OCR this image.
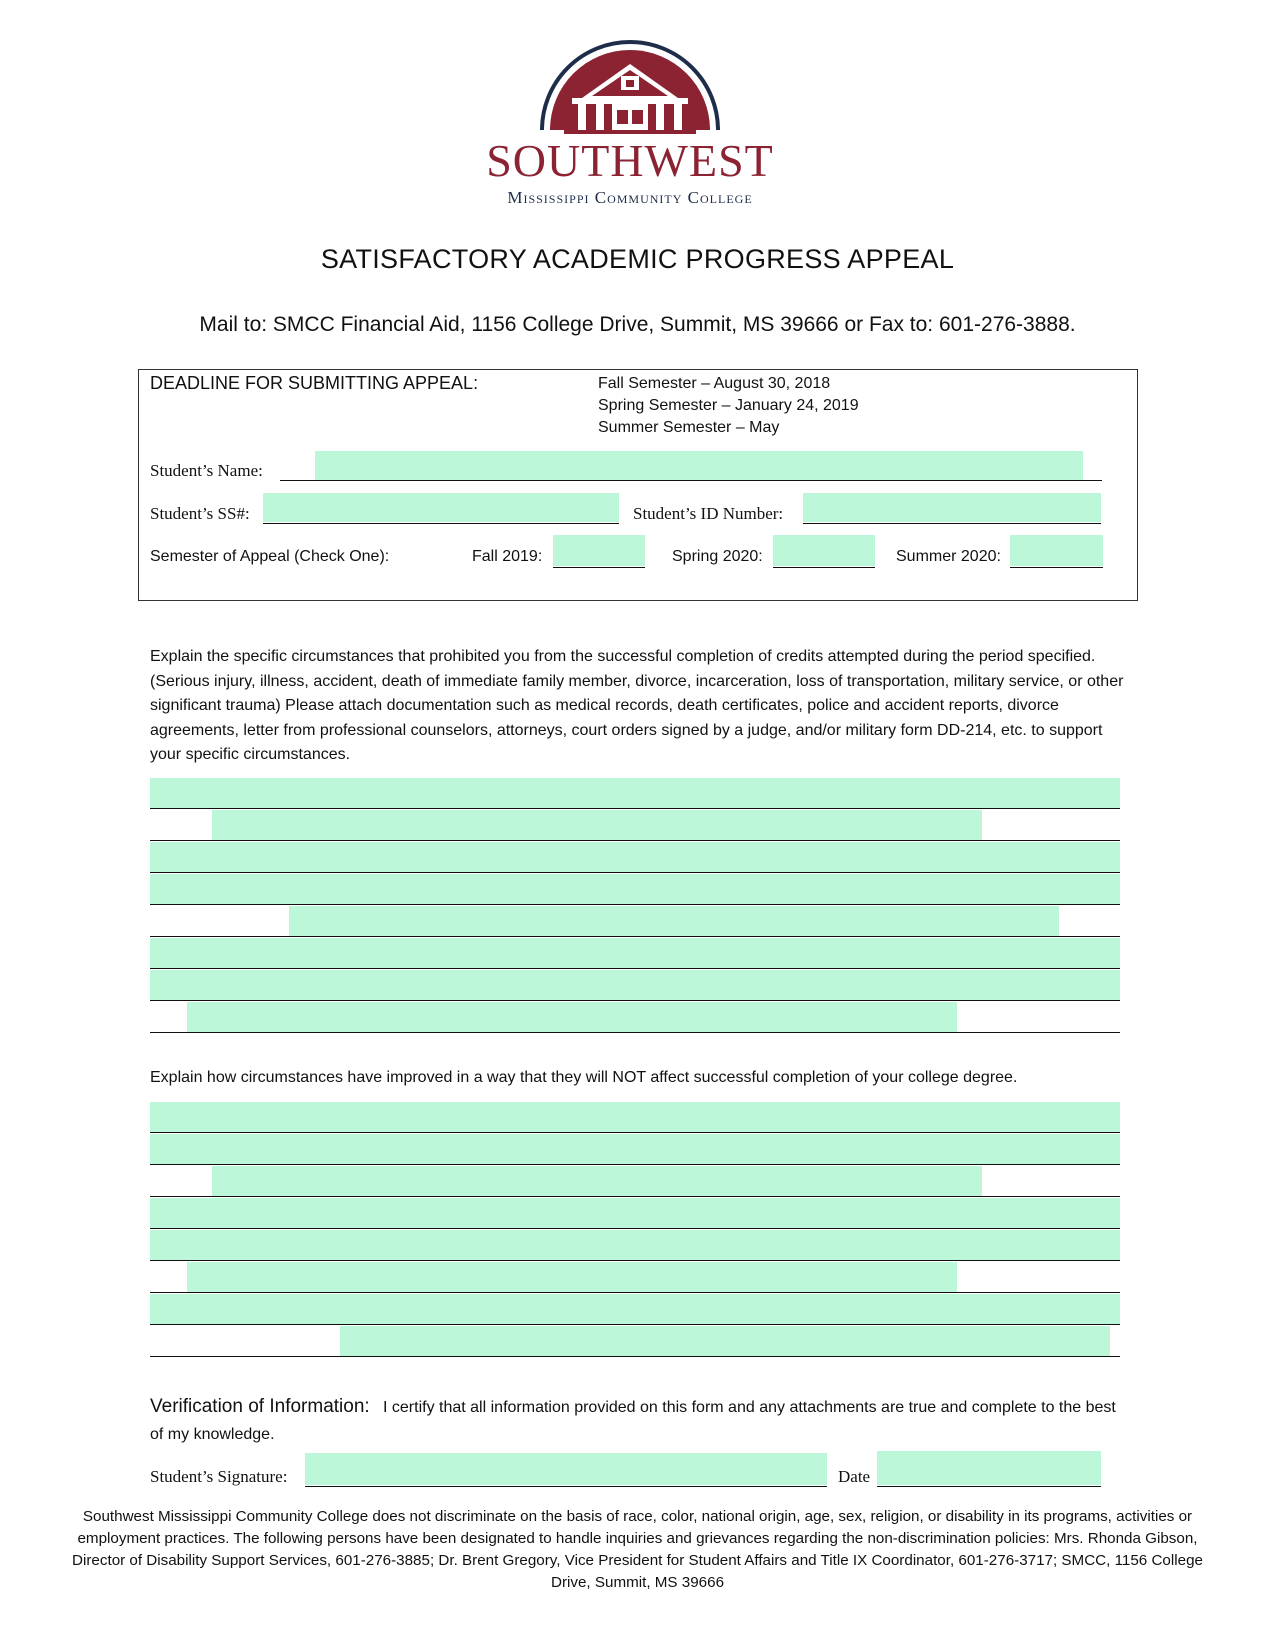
SOUTHWEST
Mississippi Community College
SATISFACTORY ACADEMIC PROGRESS APPEAL
Mail to: SMCC Financial Aid, 1156 College Drive, Summit, MS 39666 or Fax to: 601-276-3888.
DEADLINE FOR SUBMITTING APPEAL:	Fall Semester – August 30, 2018
Spring Semester – January 24, 2019
Summer Semester – May
Student’s Name:
Student’s SS#:	Student’s ID Number:
Semester of Appeal (Check One):	Fall 2019:	Spring 2020:	Summer 2020:
Explain the specific circumstances that prohibited you from the successful completion of credits attempted during the period specified. (Serious injury, illness, accident, death of immediate family member, divorce, incarceration, loss of transportation, military service, or other significant trauma) Please attach documentation such as medical records, death certificates, police and accident reports, divorce agreements, letter from professional counselors, attorneys, court orders signed by a judge, and/or military form DD-214, etc. to support your specific circumstances.
Explain how circumstances have improved in a way that they will NOT affect successful completion of your college degree.
Verification of Information: I certify that all information provided on this form and any attachments are true and complete to the best of my knowledge.
Student’s Signature:	Date
Southwest Mississippi Community College does not discriminate on the basis of race, color, national origin, age, sex, religion, or disability in its programs, activities or employment practices. The following persons have been designated to handle inquiries and grievances regarding the non-discrimination policies: Mrs. Rhonda Gibson, Director of Disability Support Services, 601-276-3885; Dr. Brent Gregory, Vice President for Student Affairs and Title IX Coordinator, 601-276-3717; SMCC, 1156 College Drive, Summit, MS 39666
